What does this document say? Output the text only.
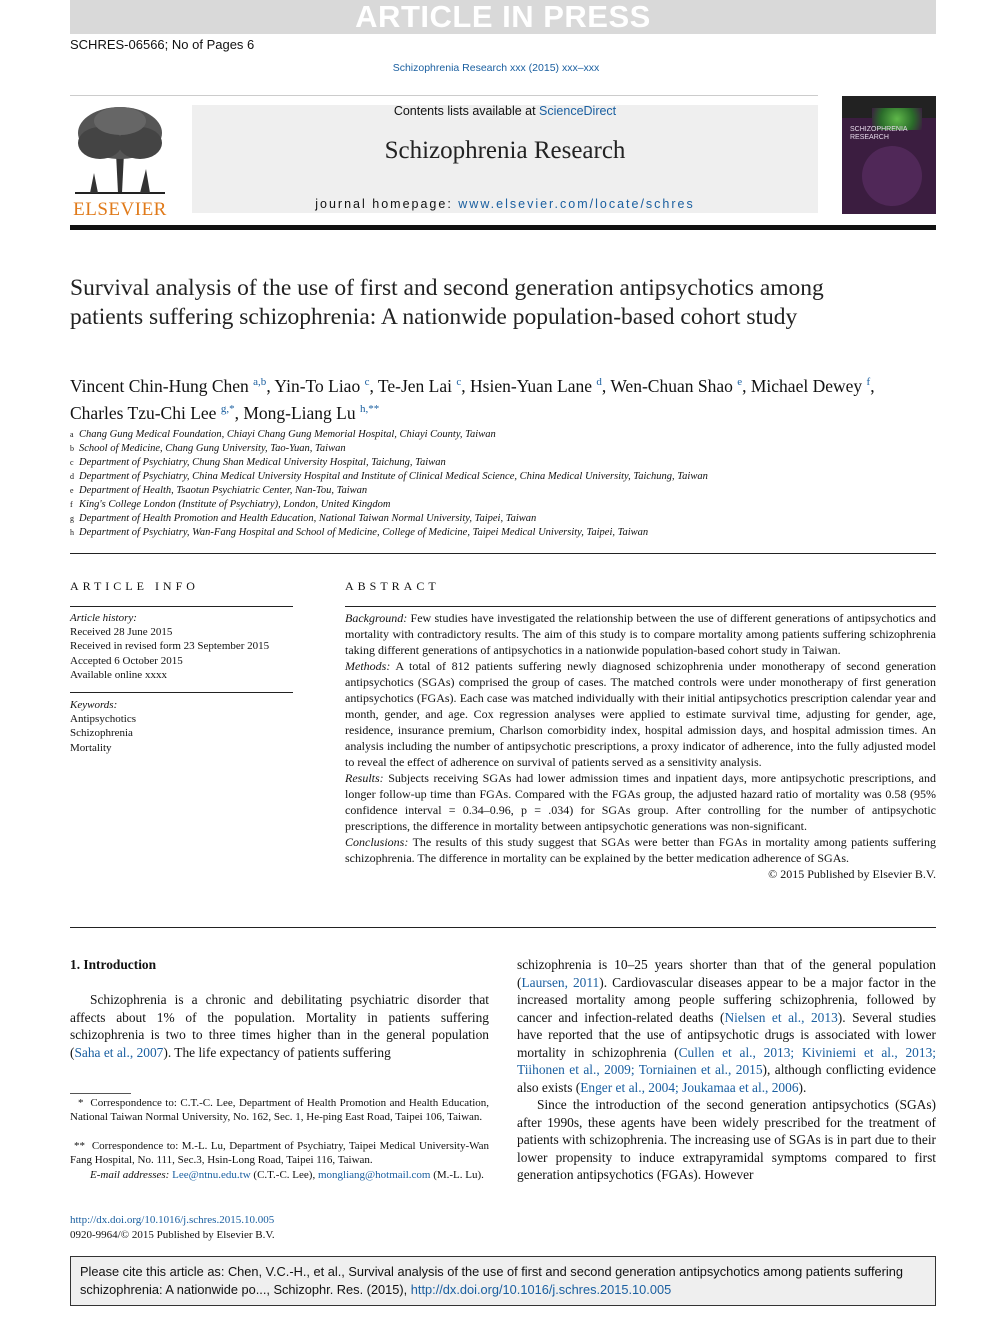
ARTICLE IN PRESS
SCHRES-06566; No of Pages 6
Schizophrenia Research xxx (2015) xxx–xxx
ELSEVIER
Contents lists available at ScienceDirect
Schizophrenia Research
journal homepage: www.elsevier.com/locate/schres
SCHIZOPHRENIA RESEARCH
Survival analysis of the use of first and second generation antipsychotics among patients suffering schizophrenia: A nationwide population-based cohort study
Vincent Chin-Hung Chen $^{a,b}$, Yin-To Liao $^c$, Te-Jen Lai $^c$, Hsien-Yuan Lane $^d$, Wen-Chuan Shao $^e$, Michael Dewey $^f$,
Charles Tzu-Chi Lee $^{g,*}$, Mong-Liang Lu $^{h,**}$
a Chang Gung Medical Foundation, Chiayi Chang Gung Memorial Hospital, Chiayi County, Taiwan
b School of Medicine, Chang Gung University, Tao-Yuan, Taiwan
c Department of Psychiatry, Chung Shan Medical University Hospital, Taichung, Taiwan
d Department of Psychiatry, China Medical University Hospital and Institute of Clinical Medical Science, China Medical University, Taichung, Taiwan
e Department of Health, Tsaotun Psychiatric Center, Nan-Tou, Taiwan
f King's College London (Institute of Psychiatry), London, United Kingdom
g Department of Health Promotion and Health Education, National Taiwan Normal University, Taipei, Taiwan
h Department of Psychiatry, Wan-Fang Hospital and School of Medicine, College of Medicine, Taipei Medical University, Taipei, Taiwan
ARTICLE INFO
Article history:
Received 28 June 2015
Received in revised form 23 September 2015
Accepted 6 October 2015
Available online xxxx
Keywords:
Antipsychotics
Schizophrenia
Mortality
ABSTRACT
Background: Few studies have investigated the relationship between the use of different generations of antipsychotics and mortality with contradictory results. The aim of this study is to compare mortality among patients suffering schizophrenia taking different generations of antipsychotics in a nationwide population-based cohort study in Taiwan.
Methods: A total of 812 patients suffering newly diagnosed schizophrenia under monotherapy of second generation antipsychotics (SGAs) comprised the group of cases. The matched controls were under monotherapy of first generation antipsychotics (FGAs). Each case was matched individually with their initial antipsychotics prescription calendar year and month, gender, and age. Cox regression analyses were applied to estimate survival time, adjusting for gender, age, residence, insurance premium, Charlson comorbidity index, hospital admission days, and hospital admission times. An analysis including the number of antipsychotic prescriptions, a proxy indicator of adherence, into the fully adjusted model to reveal the effect of adherence on survival of patients served as a sensitivity analysis.
Results: Subjects receiving SGAs had lower admission times and inpatient days, more antipsychotic prescriptions, and longer follow-up time than FGAs. Compared with the FGAs group, the adjusted hazard ratio of mortality was 0.58 (95% confidence interval = 0.34–0.96, p = .034) for SGAs group. After controlling for the number of antipsychotic prescriptions, the difference in mortality between antipsychotic generations was non-significant.
Conclusions: The results of this study suggest that SGAs were better than FGAs in mortality among patients suffering schizophrenia. The difference in mortality can be explained by the better medication adherence of SGAs.
© 2015 Published by Elsevier B.V.
1. Introduction
Schizophrenia is a chronic and debilitating psychiatric disorder that affects about 1% of the population. Mortality in patients suffering schizophrenia is two to three times higher than in the general population (Saha et al., 2007). The life expectancy of patients suffering
* Correspondence to: C.T.-C. Lee, Department of Health Promotion and Health Education, National Taiwan Normal University, No. 162, Sec. 1, He-ping East Road, Taipei 106, Taiwan.
** Correspondence to: M.-L. Lu, Department of Psychiatry, Taipei Medical University-Wan Fang Hospital, No. 111, Sec.3, Hsin-Long Road, Taipei 116, Taiwan.
E-mail addresses: Lee@ntnu.edu.tw (C.T.-C. Lee), mongliang@hotmail.com (M.-L. Lu).
http://dx.doi.org/10.1016/j.schres.2015.10.005
0920-9964/© 2015 Published by Elsevier B.V.
schizophrenia is 10–25 years shorter than that of the general population (Laursen, 2011). Cardiovascular diseases appear to be a major factor in the increased mortality among people suffering schizophrenia, followed by cancer and infection-related deaths (Nielsen et al., 2013). Several studies have reported that the use of antipsychotic drugs is associated with lower mortality in schizophrenia (Cullen et al., 2013; Kiviniemi et al., 2013; Tiihonen et al., 2009; Torniainen et al., 2015), although conflicting evidence also exists (Enger et al., 2004; Joukamaa et al., 2006).
Since the introduction of the second generation antipsychotics (SGAs) after 1990s, these agents have been widely prescribed for the treatment of patients with schizophrenia. The increasing use of SGAs is in part due to their lower propensity to induce extrapyramidal symptoms compared to first generation antipsychotics (FGAs). However
Please cite this article as: Chen, V.C.-H., et al., Survival analysis of the use of first and second generation antipsychotics among patients suffering schizophrenia: A nationwide po..., Schizophr. Res. (2015), http://dx.doi.org/10.1016/j.schres.2015.10.005
